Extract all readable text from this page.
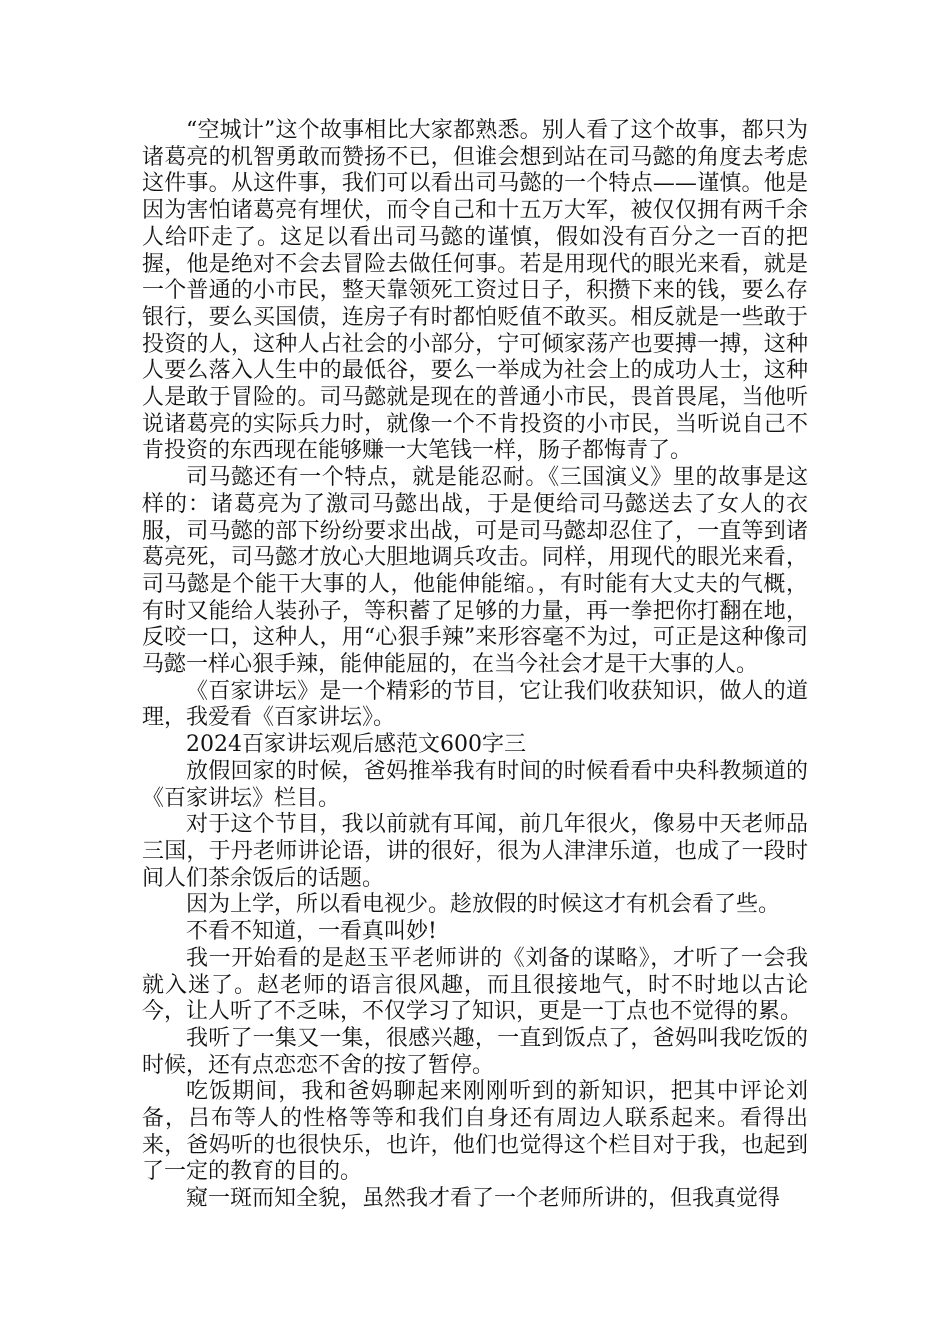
“空城计”这个故事相比大家都熟悉。别人看了这个故事，都只为诸葛亮的机智勇敢而赞扬不已，但谁会想到站在司马懿的角度去考虑这件事。从这件事，我们可以看出司马懿的一个特点——谨慎。他是因为害怕诸葛亮有埋伏，而令自己和十五万大军，被仅仅拥有两千余人给吓走了。这足以看出司马懿的谨慎，假如没有百分之一百的把握，他是绝对不会去冒险去做任何事。若是用现代的眼光来看，就是一个普通的小市民，整天靠领死工资过日子，积攒下来的钱，要么存银行，要么买国债，连房子有时都怕贬值不敢买。相反就是一些敢于投资的人，这种人占社会的小部分，宁可倾家荡产也要搏一搏，这种人要么落入人生中的最低谷，要么一举成为社会上的成功人士，这种人是敢于冒险的。司马懿就是现在的普通小市民，畏首畏尾，当他听说诸葛亮的实际兵力时，就像一个不肯投资的小市民，当听说自己不肯投资的东西现在能够赚一大笔钱一样，肠子都悔青了。

司马懿还有一个特点，就是能忍耐。《三国演义》里的故事是这样的：诸葛亮为了激司马懿出战，于是便给司马懿送去了女人的衣服，司马懿的部下纷纷要求出战，可是司马懿却忍住了，一直等到诸葛亮死，司马懿才放心大胆地调兵攻击。同样，用现代的眼光来看，司马懿是个能干大事的人，他能伸能缩。，有时能有大丈夫的气概，有时又能给人装孙子，等积蓄了足够的力量，再一拳把你打翻在地，反咬一口，这种人，用“心狠手辣”来形容毫不为过，可正是这种像司马懿一样心狠手辣，能伸能屈的，在当今社会才是干大事的人。

《百家讲坛》是一个精彩的节目，它让我们收获知识，做人的道理，我爱看《百家讲坛》。

2024百家讲坛观后感范文600字三

放假回家的时候，爸妈推举我有时间的时候看看中央科教频道的《百家讲坛》栏目。

对于这个节目，我以前就有耳闻，前几年很火，像易中天老师品三国，于丹老师讲论语，讲的很好，很为人津津乐道，也成了一段时间人们茶余饭后的话题。

因为上学，所以看电视少。趁放假的时候这才有机会看了些。

不看不知道，一看真叫妙!

我一开始看的是赵玉平老师讲的《刘备的谋略》，才听了一会我就入迷了。赵老师的语言很风趣，而且很接地气，时不时地以古论今，让人听了不乏味，不仅学习了知识，更是一丁点也不觉得的累。

我听了一集又一集，很感兴趣，一直到饭点了，爸妈叫我吃饭的时候，还有点恋恋不舍的按了暂停。

吃饭期间，我和爸妈聊起来刚刚听到的新知识，把其中评论刘备，吕布等人的性格等等和我们自身还有周边人联系起来。看得出来，爸妈听的也很快乐，也许，他们也觉得这个栏目对于我，也起到了一定的教育的目的。

窥一斑而知全貌，虽然我才看了一个老师所讲的，但我真觉得
